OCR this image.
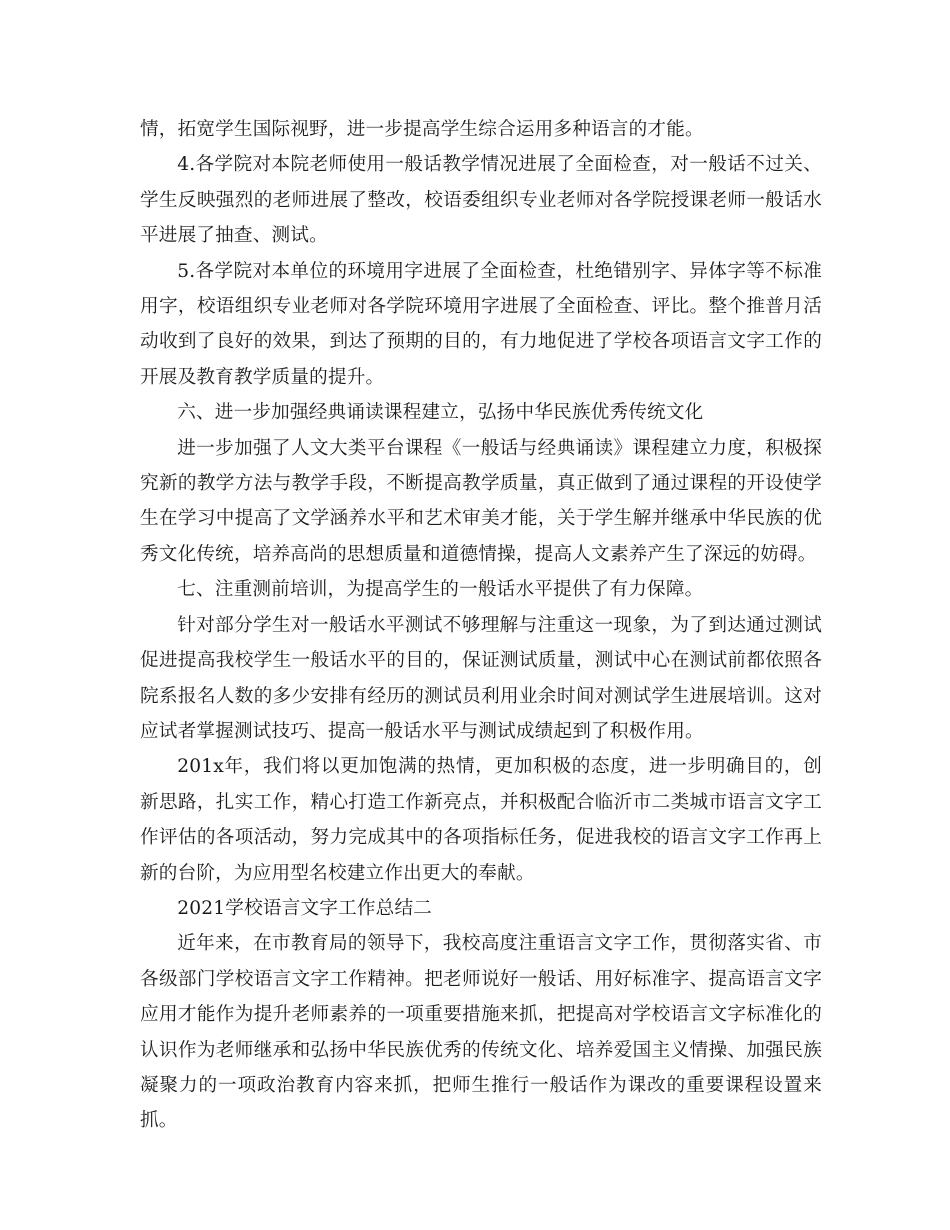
情，拓宽学生国际视野，进一步提高学生综合运用多种语言的才能。

4.各学院对本院老师使用一般话教学情况进展了全面检查，对一般话不过关、学生反映强烈的老师进展了整改，校语委组织专业老师对各学院授课老师一般话水平进展了抽查、测试。

5.各学院对本单位的环境用字进展了全面检查，杜绝错别字、异体字等不标准用字，校语组织专业老师对各学院环境用字进展了全面检查、评比。整个推普月活动收到了良好的效果，到达了预期的目的，有力地促进了学校各项语言文字工作的开展及教育教学质量的提升。

六、进一步加强经典诵读课程建立，弘扬中华民族优秀传统文化

进一步加强了人文大类平台课程《一般话与经典诵读》课程建立力度，积极探究新的教学方法与教学手段，不断提高教学质量，真正做到了通过课程的开设使学生在学习中提高了文学涵养水平和艺术审美才能，关于学生解并继承中华民族的优秀文化传统，培养高尚的思想质量和道德情操，提高人文素养产生了深远的妨碍。

七、注重测前培训，为提高学生的一般话水平提供了有力保障。

针对部分学生对一般话水平测试不够理解与注重这一现象，为了到达通过测试促进提高我校学生一般话水平的目的，保证测试质量，测试中心在测试前都依照各院系报名人数的多少安排有经历的测试员利用业余时间对测试学生进展培训。这对应试者掌握测试技巧、提高一般话水平与测试成绩起到了积极作用。

201x年，我们将以更加饱满的热情，更加积极的态度，进一步明确目的，创新思路，扎实工作，精心打造工作新亮点，并积极配合临沂市二类城市语言文字工作评估的各项活动，努力完成其中的各项指标任务，促进我校的语言文字工作再上新的台阶，为应用型名校建立作出更大的奉献。

2021学校语言文字工作总结二

近年来，在市教育局的领导下，我校高度注重语言文字工作，贯彻落实省、市各级部门学校语言文字工作精神。把老师说好一般话、用好标准字、提高语言文字应用才能作为提升老师素养的一项重要措施来抓，把提高对学校语言文字标准化的认识作为老师继承和弘扬中华民族优秀的传统文化、培养爱国主义情操、加强民族凝聚力的一项政治教育内容来抓，把师生推行一般话作为课改的重要课程设置来抓。
